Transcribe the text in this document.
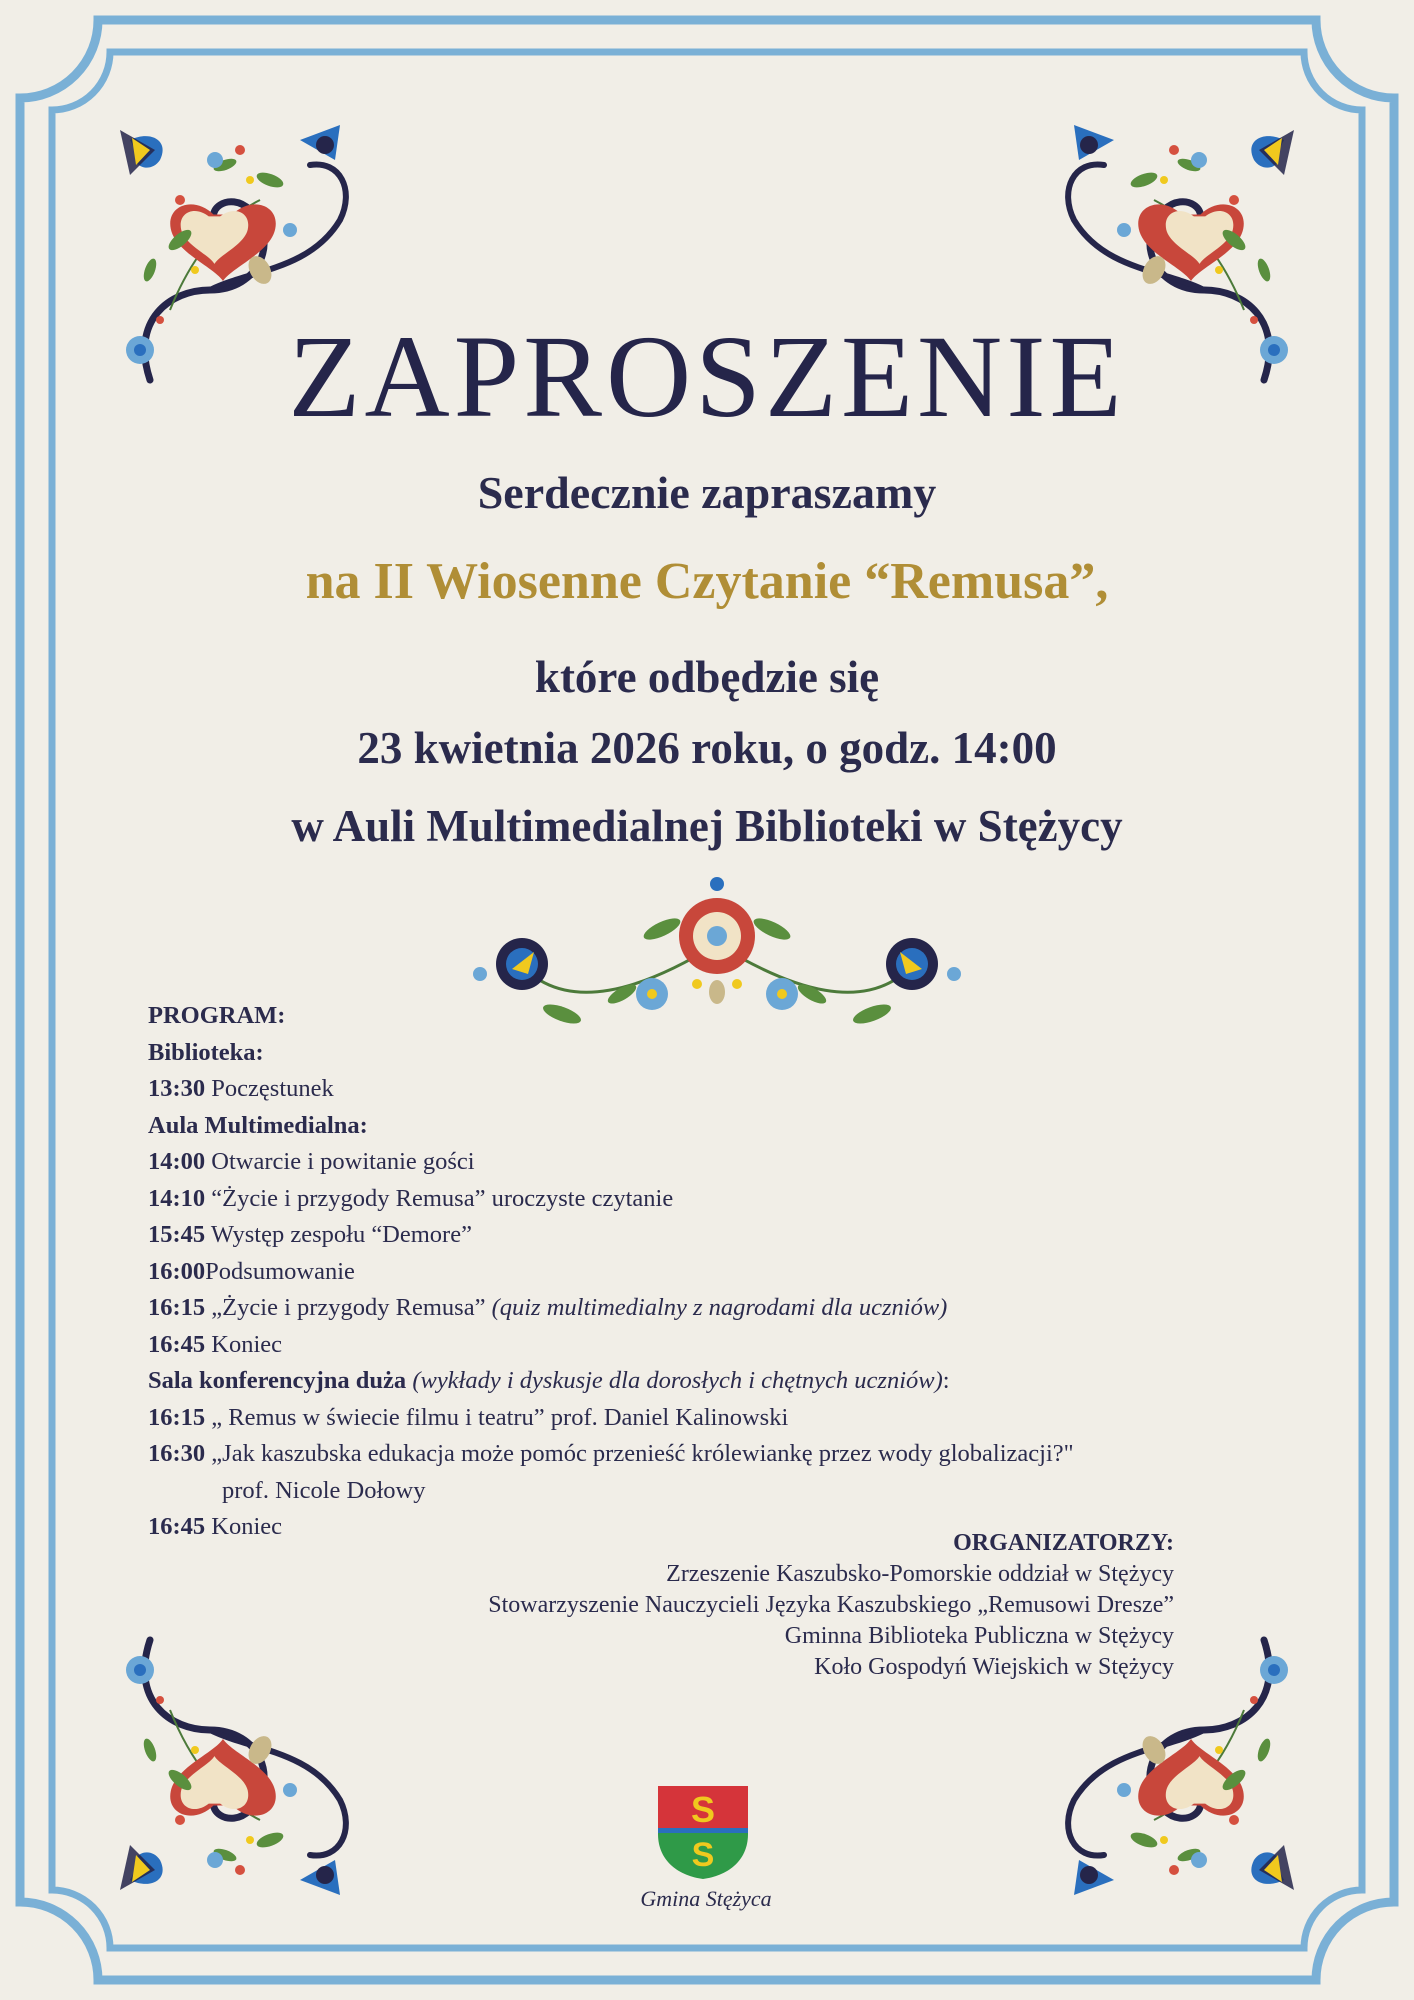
ZAPROSZENIE
Serdecznie zapraszamy
na II Wiosenne Czytanie “Remusa”,
które odbędzie się
23 kwietnia 2026 roku, o godz. 14:00
w Auli Multimedialnej Biblioteki w Stężycy
PROGRAM:
Biblioteka:
13:30 Poczęstunek
Aula Multimedialna:
14:00 Otwarcie i powitanie gości
14:10 “Życie i przygody Remusa” uroczyste czytanie
15:45 Występ zespołu “Demore”
16:00Podsumowanie
16:15 „Życie i przygody Remusa” (quiz multimedialny z nagrodami dla uczniów)
16:45 Koniec
Sala konferencyjna duża (wykłady i dyskusje dla dorosłych i chętnych uczniów):
16:15 „ Remus w świecie filmu i teatru” prof. Daniel Kalinowski
16:30 „Jak kaszubska edukacja może pomóc przenieść królewiankę przez wody globalizacji?"
prof. Nicole Dołowy
16:45 Koniec
ORGANIZATORZY:
Zrzeszenie Kaszubsko-Pomorskie oddział w Stężycy
Stowarzyszenie Nauczycieli Języka Kaszubskiego „Remusowi Dresze”
Gminna Biblioteka Publiczna w Stężycy
Koło Gospodyń Wiejskich w Stężycy
S
S
Gmina Stężyca
